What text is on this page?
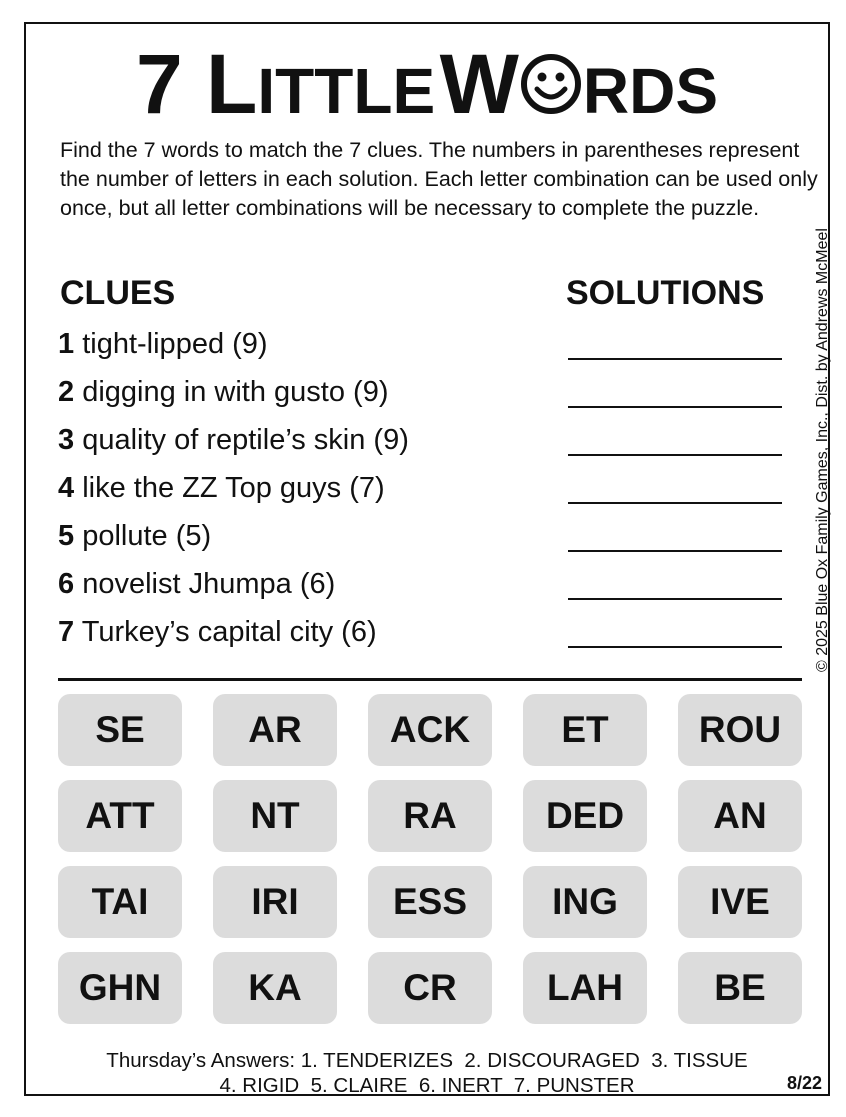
7 LITTLE W RDS
Find the 7 words to match the 7 clues. The numbers in parentheses represent the number of letters in each solution. Each letter combination can be used only once, but all letter combinations will be necessary to complete the puzzle.
© 2025 Blue Ox Family Games, Inc., Dist. by Andrews McMeel
CLUES	SOLUTIONS
1 tight-lipped (9)
2 digging in with gusto (9)
3 quality of reptile’s skin (9)
4 like the ZZ Top guys (7)
5 pollute (5)
6 novelist Jhumpa (6)
7 Turkey’s capital city (6)
SE	AR	ACK	ET	ROU
ATT	NT	RA	DED	AN
TAI	IRI	ESS	ING	IVE
GHN	KA	CR	LAH	BE
Thursday’s Answers: 1. TENDERIZES  2. DISCOURAGED  3. TISSUE
4. RIGID  5. CLAIRE  6. INERT  7. PUNSTER	8/22
